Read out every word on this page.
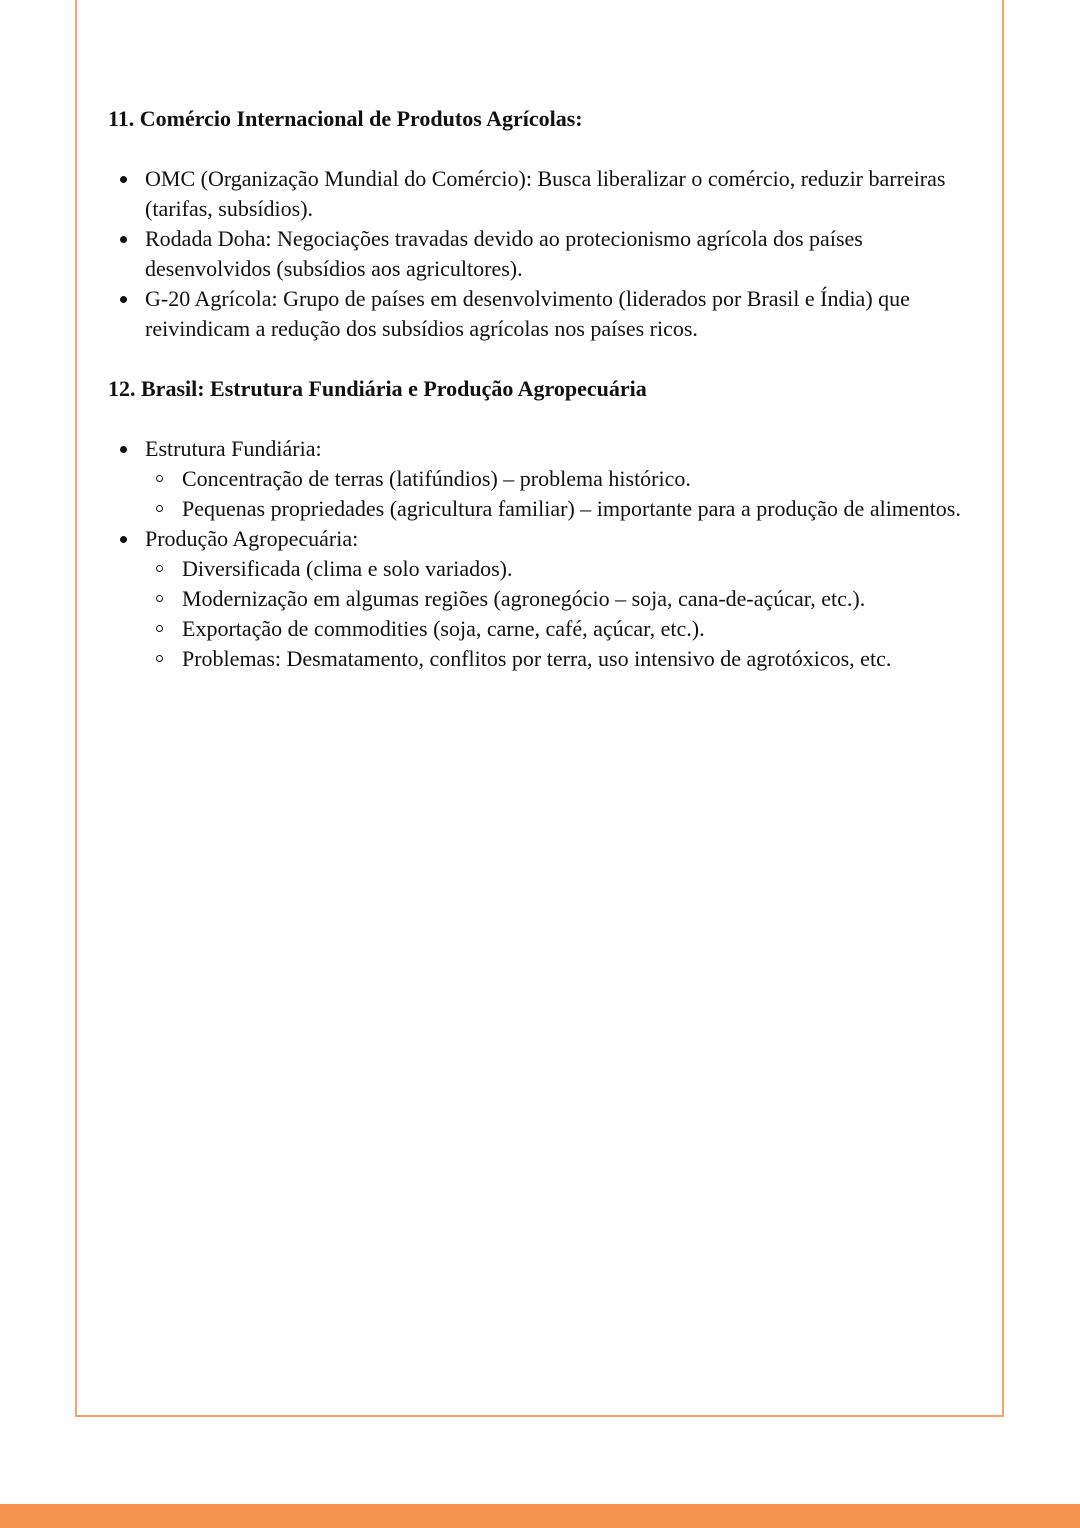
11. Comércio Internacional de Produtos Agrícolas:
OMC (Organização Mundial do Comércio): Busca liberalizar o comércio, reduzir barreiras (tarifas, subsídios).
Rodada Doha: Negociações travadas devido ao protecionismo agrícola dos países desenvolvidos (subsídios aos agricultores).
G-20 Agrícola: Grupo de países em desenvolvimento (liderados por Brasil e Índia) que reivindicam a redução dos subsídios agrícolas nos países ricos.
12. Brasil: Estrutura Fundiária e Produção Agropecuária
Estrutura Fundiária:
Concentração de terras (latifúndios) – problema histórico.
Pequenas propriedades (agricultura familiar) – importante para a produção de alimentos.
Produção Agropecuária:
Diversificada (clima e solo variados).
Modernização em algumas regiões (agronegócio – soja, cana-de-açúcar, etc.).
Exportação de commodities (soja, carne, café, açúcar, etc.).
Problemas: Desmatamento, conflitos por terra, uso intensivo de agrotóxicos, etc.
